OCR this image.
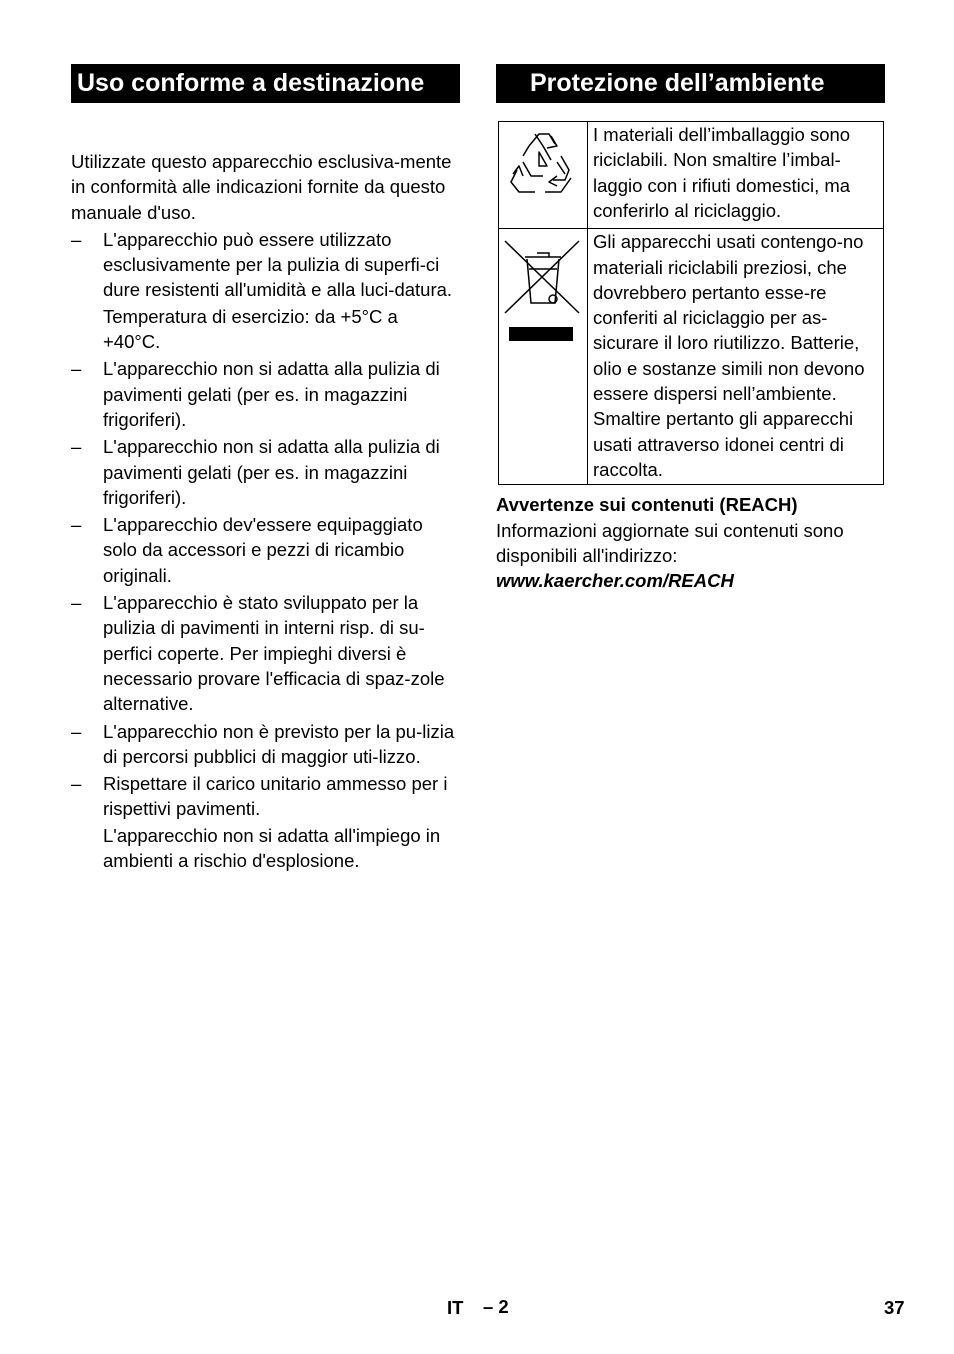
Uso conforme a destinazione

Utilizzate questo apparecchio esclusiva-mente in conformità alle indicazioni fornite da questo manuale d'uso.

– L'apparecchio può essere utilizzato esclusivamente per la pulizia di superfi-ci dure resistenti all'umidità e alla luci-datura.
Temperatura di esercizio: da +5°C a +40°C.
– L'apparecchio non si adatta alla pulizia di pavimenti gelati (per es. in magazzini frigoriferi).
– L'apparecchio non si adatta alla pulizia di pavimenti gelati (per es. in magazzini frigoriferi).
– L'apparecchio dev'essere equipaggiato solo da accessori e pezzi di ricambio originali.
– L'apparecchio è stato sviluppato per la pulizia di pavimenti in interni risp. di su-perfici coperte. Per impieghi diversi è necessario provare l'efficacia di spaz-zole alternative.
– L'apparecchio non è previsto per la pu-lizia di percorsi pubblici di maggior uti-lizzo.
– Rispettare il carico unitario ammesso per i rispettivi pavimenti.
L'apparecchio non si adatta all'impiego in ambienti a rischio d'esplosione.
Protezione dell’ambiente
	I materiali dell’imballaggio sono riciclabili. Non smaltire l’imbal-laggio con i rifiuti domestici, ma conferirlo al riciclaggio.
	Gli apparecchi usati contengo-no materiali riciclabili preziosi, che dovrebbero pertanto esse-re conferiti al riciclaggio per as-sicurare il loro riutilizzo. Batterie, olio e sostanze simili non devono essere dispersi nell’ambiente. Smaltire pertanto gli apparecchi usati attraverso idonei centri di raccolta.
Avvertenze sui contenuti (REACH)
Informazioni aggiornate sui contenuti sono disponibili all'indirizzo:
www.kaercher.com/REACH
IT – 2	37
